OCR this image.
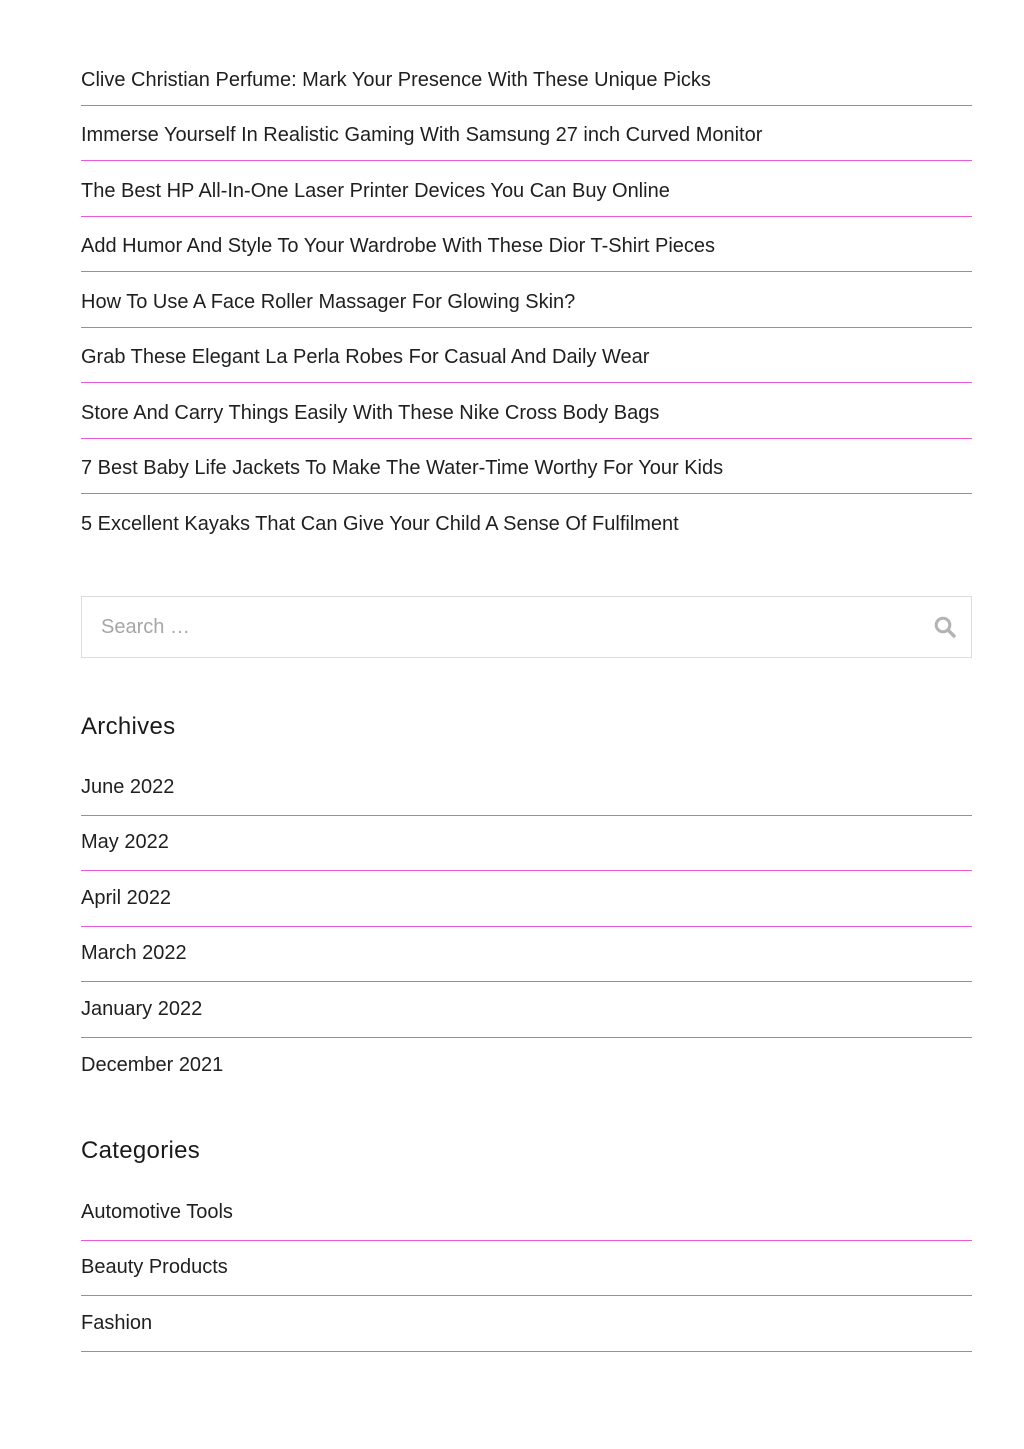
Clive Christian Perfume: Mark Your Presence With These Unique Picks
Immerse Yourself In Realistic Gaming With Samsung 27 inch Curved Monitor
The Best HP All-In-One Laser Printer Devices You Can Buy Online
Add Humor And Style To Your Wardrobe With These Dior T-Shirt Pieces
How To Use A Face Roller Massager For Glowing Skin?
Grab These Elegant La Perla Robes For Casual And Daily Wear
Store And Carry Things Easily With These Nike Cross Body Bags
7 Best Baby Life Jackets To Make The Water-Time Worthy For Your Kids
5 Excellent Kayaks That Can Give Your Child A Sense Of Fulfilment
Search …
Archives
June 2022
May 2022
April 2022
March 2022
January 2022
December 2021
Categories
Automotive Tools
Beauty Products
Fashion
